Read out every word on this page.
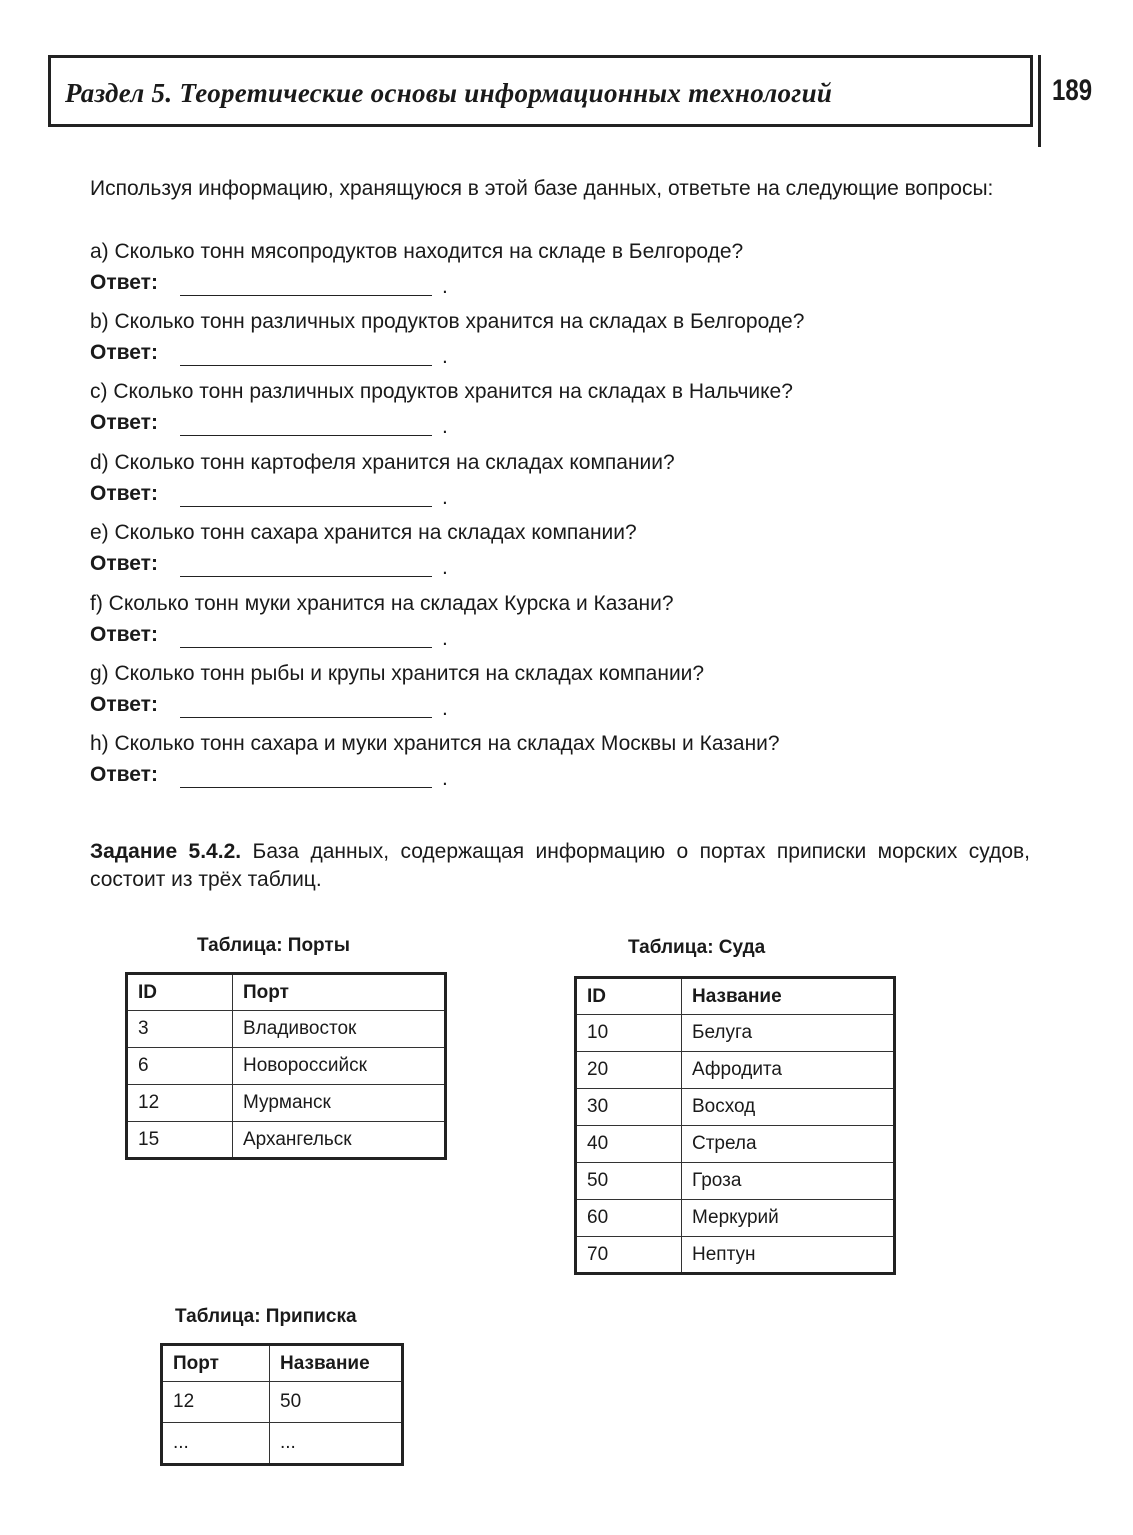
Раздел 5. Теоретические основы информационных технологий	189

Используя информацию, хранящуюся в этой базе данных, ответьте на следующие вопросы:

a) Сколько тонн мясопродуктов находится на складе в Белгороде?
Ответ:	.
b) Сколько тонн различных продуктов хранится на складах в Белгороде?
Ответ:	.
c) Сколько тонн различных продуктов хранится на складах в Нальчике?
Ответ:	.
d) Сколько тонн картофеля хранится на складах компании?
Ответ:	.
e) Сколько тонн сахара хранится на складах компании?
Ответ:	.
f) Сколько тонн муки хранится на складах Курска и Казани?
Ответ:	.
g) Сколько тонн рыбы и крупы хранится на складах компании?
Ответ:	.
h) Сколько тонн сахара и муки хранится на складах Москвы и Казани?
Ответ:	.

Задание 5.4.2. База данных, содержащая информацию о портах приписки морских судов, состоит из трёх таблиц.

Таблица: Порты
ID	Порт
3	Владивосток
6	Новороссийск
12	Мурманск
15	Архангельск
Таблица: Суда
ID	Название
10	Белуга
20	Афродита
30	Восход
40	Стрела
50	Гроза
60	Меркурий
70	Нептун
Таблица: Приписка
Порт	Название
12	50
...	...
